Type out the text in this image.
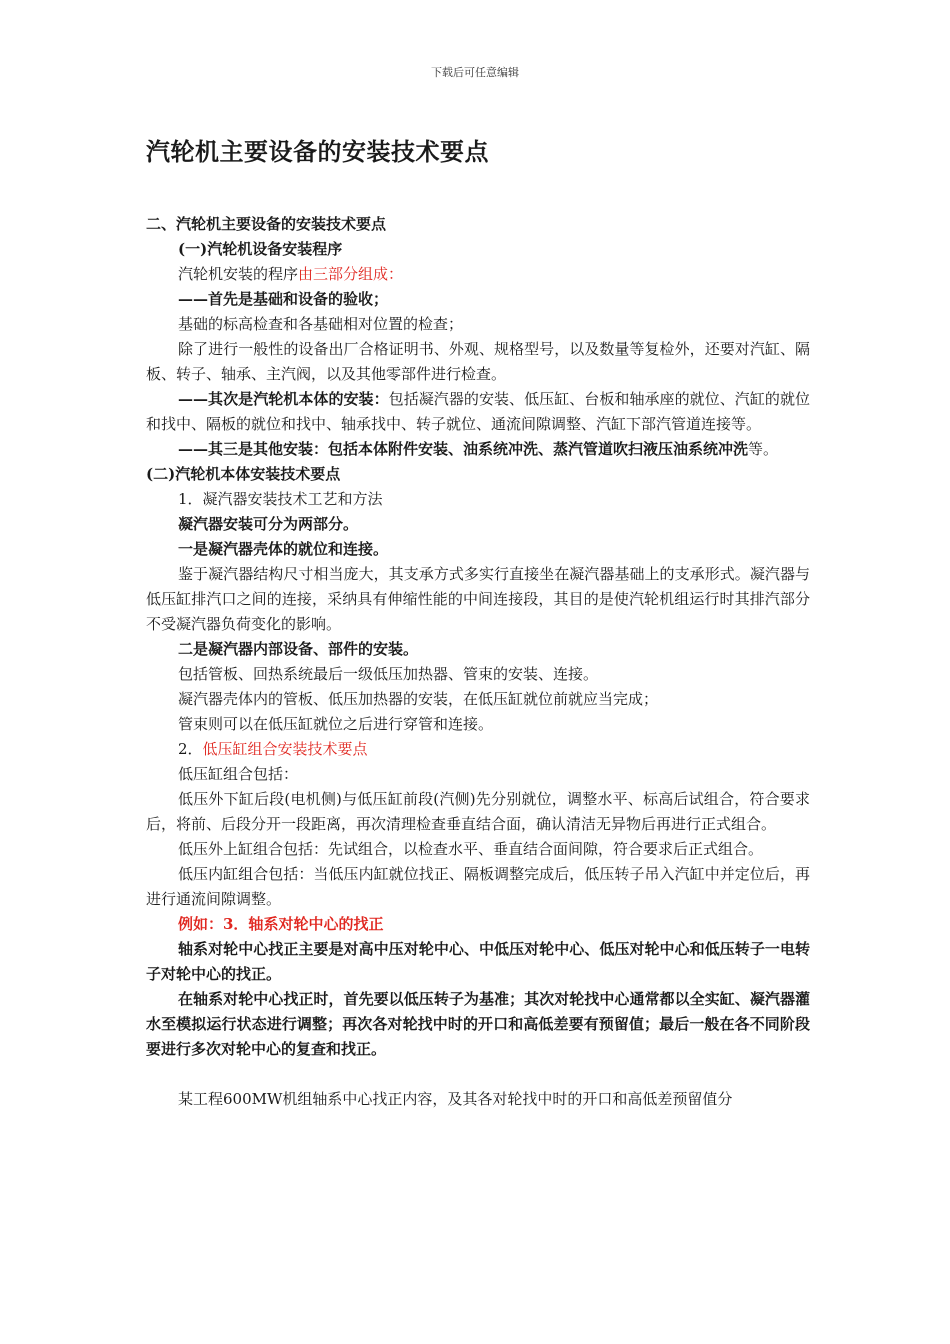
下载后可任意编辑
汽轮机主要设备的安装技术要点

二、汽轮机主要设备的安装技术要点

(一)汽轮机设备安装程序

汽轮机安装的程序由三部分组成：

——首先是基础和设备的验收；

基础的标高检查和各基础相对位置的检查；

除了进行一般性的设备出厂合格证明书、外观、规格型号，以及数量等复检外，还要对汽缸、隔板、转子、轴承、主汽阀，以及其他零部件进行检查。

——其次是汽轮机本体的安装：包括凝汽器的安装、低压缸、台板和轴承座的就位、汽缸的就位和找中、隔板的就位和找中、轴承找中、转子就位、通流间隙调整、汽缸下部汽管道连接等。

——其三是其他安装：包括本体附件安装、油系统冲洗、蒸汽管道吹扫液压油系统冲洗等。

(二)汽轮机本体安装技术要点

1．凝汽器安装技术工艺和方法

凝汽器安装可分为两部分。

一是凝汽器壳体的就位和连接。

鉴于凝汽器结构尺寸相当庞大，其支承方式多实行直接坐在凝汽器基础上的支承形式。凝汽器与低压缸排汽口之间的连接，采纳具有伸缩性能的中间连接段，其目的是使汽轮机组运行时其排汽部分不受凝汽器负荷变化的影响。

二是凝汽器内部设备、部件的安装。

包括管板、回热系统最后一级低压加热器、管束的安装、连接。

凝汽器壳体内的管板、低压加热器的安装，在低压缸就位前就应当完成；

管束则可以在低压缸就位之后进行穿管和连接。

2．低压缸组合安装技术要点

低压缸组合包括：

低压外下缸后段(电机侧)与低压缸前段(汽侧)先分别就位，调整水平、标高后试组合，符合要求后，将前、后段分开一段距离，再次清理检查垂直结合面，确认清洁无异物后再进行正式组合。

低压外上缸组合包括：先试组合，以检查水平、垂直结合面间隙，符合要求后正式组合。

低压内缸组合包括：当低压内缸就位找正、隔板调整完成后，低压转子吊入汽缸中并定位后，再进行通流间隙调整。

例如：3．轴系对轮中心的找正

轴系对轮中心找正主要是对高中压对轮中心、中低压对轮中心、低压对轮中心和低压转子一电转子对轮中心的找正。

在轴系对轮中心找正时，首先要以低压转子为基准；其次对轮找中心通常都以全实缸、凝汽器灌水至模拟运行状态进行调整；再次各对轮找中时的开口和高低差要有预留值；最后一般在各不同阶段要进行多次对轮中心的复查和找正。

某工程600MW机组轴系中心找正内容，及其各对轮找中时的开口和高低差预留值分
